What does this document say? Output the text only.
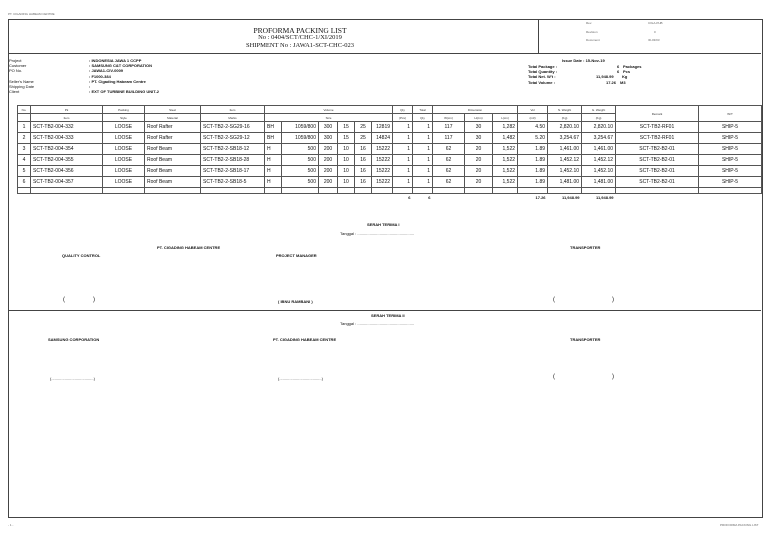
PT. CIGADING HABEAM CENTRE
PROFORMA PACKING LIST
No : 0404/SCT/CHC-1/XI/2019
SHIPMENT No : JAWA1-SCT-CHC-023
Rev.
Revision
Document
CIGA-PHB
0
ID-03/03
Project
Customer
PO No.
Seller's Name
Shipping Date
Client
: INDONESIA JAWA 1 CCPP
: SAMSUNG C&T CORPORATION
: JAWA1-CIV-0009
: F1000-384
: PT. Cigading Habeam Centre
:
: EXT OF TURBINE BUILDING UNIT-2
Issue Date : 15-Nov-19
Total Package :	6 Packages
Total Quantity :	6 Pcs
Total Net. W't :	11,948.99 Kg
Total Volume :	17.26 M3
No.	Pk	Packing	Steel	Item	Volume						Qty	Total	Dimension			Vol	N. Weight	G. Weight	Remark	W/T
	Item	Style	Material	Marks	Size						(Pcs)	Qty	W(cm)	H(cm)	L(cm)	(m3)	(Kg)	(Kg)		
1	SCT-TB2-004-332	LOOSE	Roof Rafter	SCT-TB2-2-SG29-16	BH	1059/800	300	15	25	12819	1	1	117	30	1,282	4.50	2,820.10	2,820.10	SCT-TB2-RF01	SHIP-5
2	SCT-TB2-004-333	LOOSE	Roof Rafter	SCT-TB2-2-SG29-12	BH	1059/800	300	15	25	14824	1	1	117	30	1,482	5.20	3,254.67	3,254.67	SCT-TB2-RF01	SHIP-5
3	SCT-TB2-004-354	LOOSE	Roof Beam	SCT-TB2-2-SB18-12	H	500	200	10	16	15222	1	1	62	20	1,522	1.89	1,461.00	1,461.00	SCT-TB2-B2-01	SHIP-5
4	SCT-TB2-004-355	LOOSE	Roof Beam	SCT-TB2-2-SB18-28	H	500	200	10	16	15222	1	1	62	20	1,522	1.89	1,452.12	1,452.12	SCT-TB2-B2-01	SHIP-5
5	SCT-TB2-004-356	LOOSE	Roof Beam	SCT-TB2-2-SB18-17	H	500	200	10	16	15222	1	1	62	20	1,522	1.89	1,452.10	1,452.10	SCT-TB2-B2-01	SHIP-5
6	SCT-TB2-004-357	LOOSE	Roof Beam	SCT-TB2-2-SB18-5	H	500	200	10	16	15222	1	1	62	20	1,522	1.89	1,481.00	1,481.00	SCT-TB2-B2-01	SHIP-5

											6	6				17.26	11,948.99	11,948.99		
SERAH TERIMA I
Tanggal : ...................................................
PT. CIGADING HABEAM CENTRE	TRANSPORTER
QUALITY CONTROL	PROJECT MANAGER
(	)	( IBNU RAMBANI )	(	)
SERAH TERIMA II
Tanggal : ...................................................
SAMSUNG CORPORATION	PT. CIGADING HABEAM CENTRE	TRANSPORTER
(......................................)	(......................................)	(	)
- 1 -	PROFORMA PACKING LIST
